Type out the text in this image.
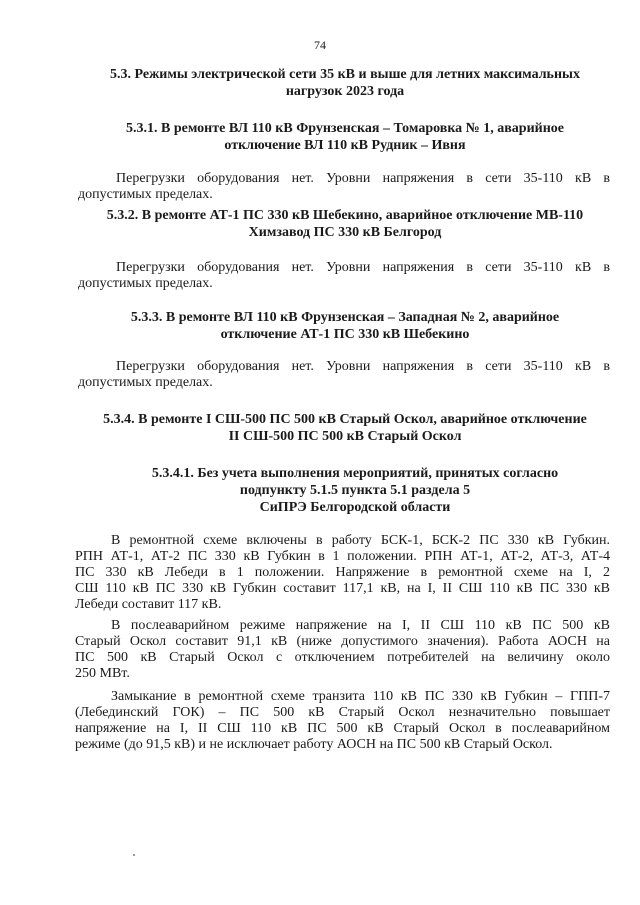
74
5.3. Режимы электрической сети 35 кВ и выше для летних максимальных
нагрузок 2023 года
5.3.1. В ремонте ВЛ 110 кВ Фрунзенская – Томаровка № 1, аварийное
отключение ВЛ 110 кВ Рудник – Ивня
Перегрузки оборудования нет. Уровни напряжения в сети 35-110 кВ в
допустимых пределах.
5.3.2. В ремонте АТ-1 ПС 330 кВ Шебекино, аварийное отключение МВ-110
Химзавод ПС 330 кВ Белгород
Перегрузки оборудования нет. Уровни напряжения в сети 35-110 кВ в
допустимых пределах.
5.3.3. В ремонте ВЛ 110 кВ Фрунзенская – Западная № 2, аварийное
отключение АТ-1 ПС 330 кВ Шебекино
Перегрузки оборудования нет. Уровни напряжения в сети 35-110 кВ в
допустимых пределах.
5.3.4. В ремонте I СШ-500 ПС 500 кВ Старый Оскол, аварийное отключение
II СШ-500 ПС 500 кВ Старый Оскол
5.3.4.1. Без учета выполнения мероприятий, принятых согласно
подпункту 5.1.5 пункта 5.1 раздела 5
СиПРЭ Белгородской области
В ремонтной схеме включены в работу БСК-1, БСК-2 ПС 330 кВ Губкин.
РПН АТ-1, АТ-2 ПС 330 кВ Губкин в 1 положении. РПН АТ-1, АТ-2, АТ-3, АТ-4
ПС 330 кВ Лебеди в 1 положении. Напряжение в ремонтной схеме на I, 2
СШ 110 кВ ПС 330 кВ Губкин составит 117,1 кВ, на I, II СШ 110 кВ ПС 330 кВ
Лебеди составит 117 кВ.
В послеаварийном режиме напряжение на I, II СШ 110 кВ ПС 500 кВ
Старый Оскол составит 91,1 кВ (ниже допустимого значения). Работа АОСН на
ПС 500 кВ Старый Оскол с отключением потребителей на величину около
250 МВт.
Замыкание в ремонтной схеме транзита 110 кВ ПС 330 кВ Губкин – ГПП-7
(Лебединский ГОК) – ПС 500 кВ Старый Оскол незначительно повышает
напряжение на I, II СШ 110 кВ ПС 500 кВ Старый Оскол в послеаварийном
режиме (до 91,5 кВ) и не исключает работу АОСН на ПС 500 кВ Старый Оскол.
